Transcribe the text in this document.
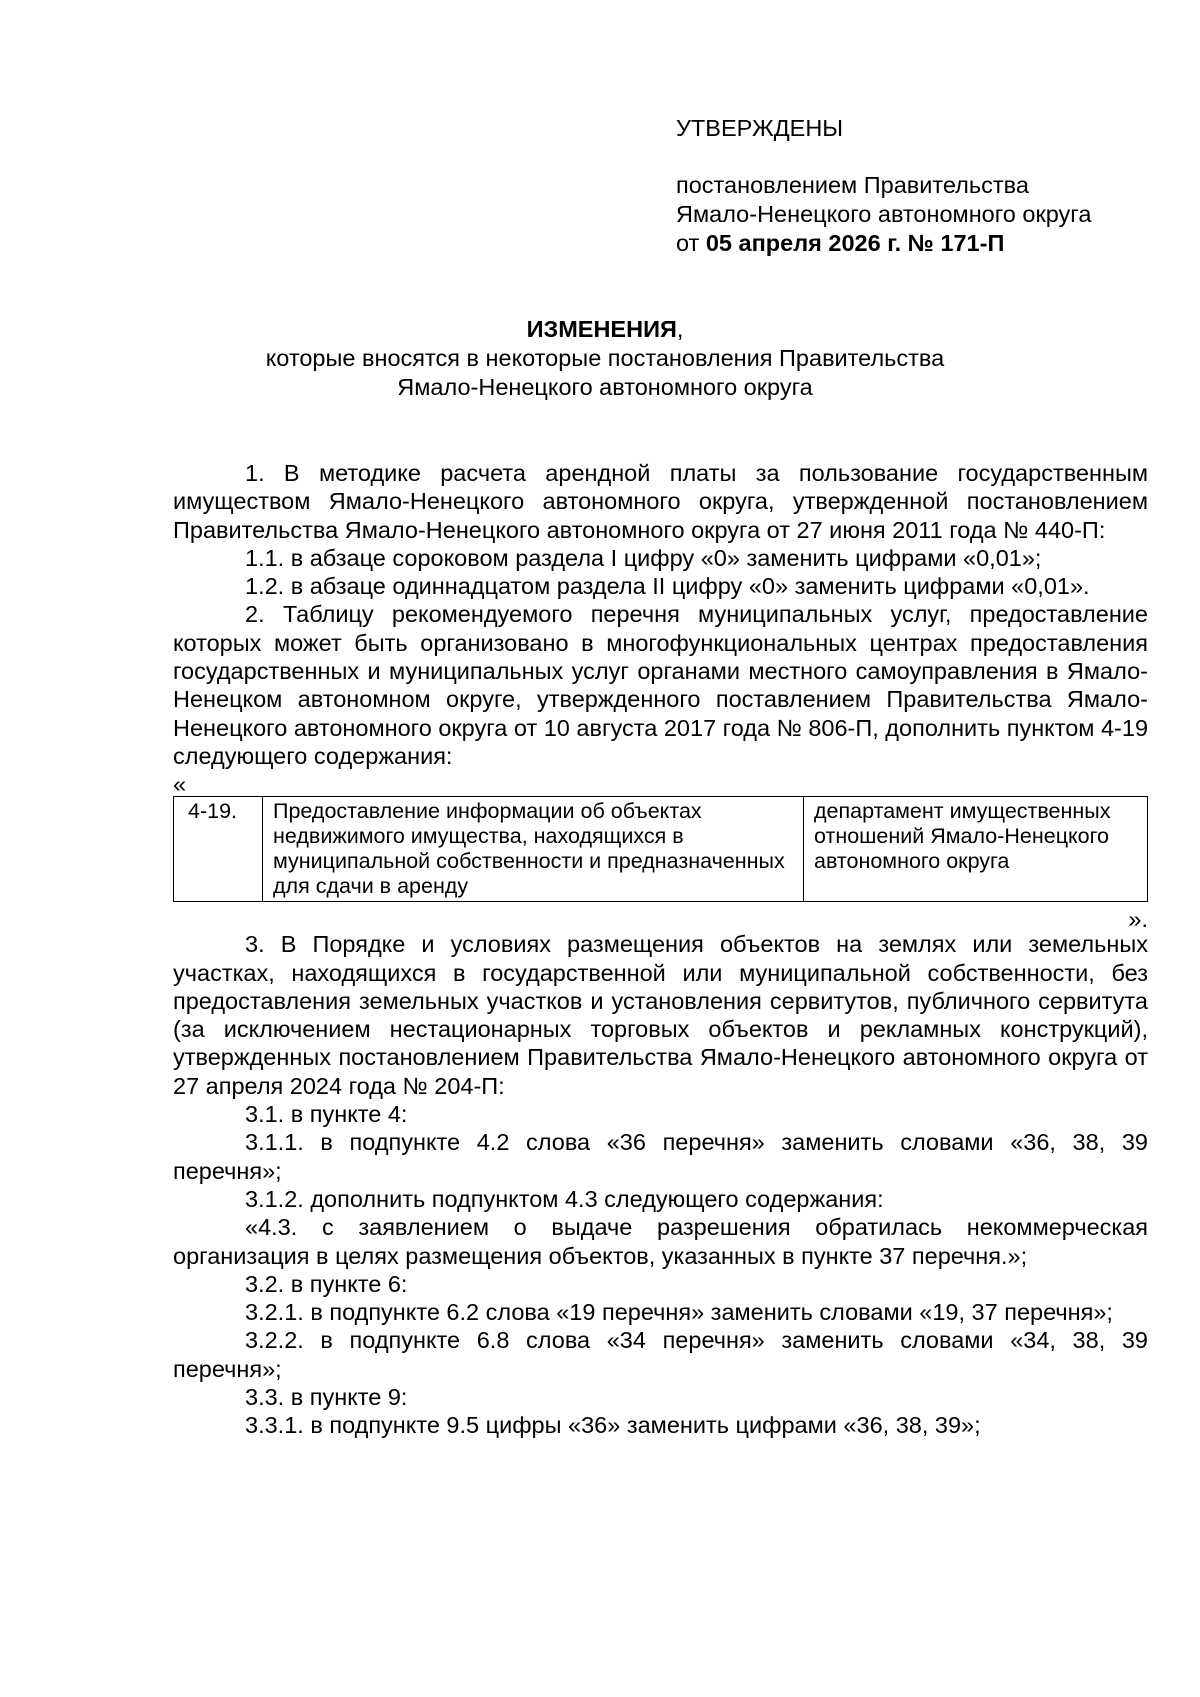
УТВЕРЖДЕНЫ
постановлением Правительства
Ямало-Ненецкого автономного округа
от 05 апреля 2026 г. № 171-П
ИЗМЕНЕНИЯ,
которые вносятся в некоторые постановления Правительства
Ямало-Ненецкого автономного округа

1. В методике расчета арендной платы за пользование государственным имуществом Ямало-Ненецкого автономного округа, утвержденной постановлением Правительства Ямало-Ненецкого автономного округа от 27 июня 2011 года № 440-П:

1.1. в абзаце сороковом раздела I цифру «0» заменить цифрами «0,01»;

1.2. в абзаце одиннадцатом раздела II цифру «0» заменить цифрами «0,01».

2. Таблицу рекомендуемого перечня муниципальных услуг, предоставление которых может быть организовано в многофункциональных центрах предоставления государственных и муниципальных услуг органами местного самоуправления в Ямало-Ненецком автономном округе, утвержденного поставлением Правительства Ямало-Ненецкого автономного округа от 10 августа 2017 года № 806-П, дополнить пунктом 4-19 следующего содержания:

«
4-19.	Предоставление информации об объектах недвижимого имущества, находящихся в муниципальной собственности и предназначенных для сдачи в аренду	департамент имущественных отношений Ямало-Ненецкого автономного округа
».

3. В Порядке и условиях размещения объектов на землях или земельных участках, находящихся в государственной или муниципальной собственности, без предоставления земельных участков и установления сервитутов, публичного сервитута (за исключением нестационарных торговых объектов и рекламных конструкций), утвержденных постановлением Правительства Ямало-Ненецкого автономного округа от 27 апреля 2024 года № 204-П:

3.1. в пункте 4:

3.1.1. в подпункте 4.2 слова «36 перечня» заменить словами «36, 38, 39 перечня»;

3.1.2. дополнить подпунктом 4.3 следующего содержания:

«4.3. с заявлением о выдаче разрешения обратилась некоммерческая организация в целях размещения объектов, указанных в пункте 37 перечня.»;

3.2. в пункте 6:

3.2.1. в подпункте 6.2 слова «19 перечня» заменить словами «19, 37 перечня»;

3.2.2. в подпункте 6.8 слова «34 перечня» заменить словами «34, 38, 39 перечня»;

3.3. в пункте 9:

3.3.1. в подпункте 9.5 цифры «36» заменить цифрами «36, 38, 39»;
